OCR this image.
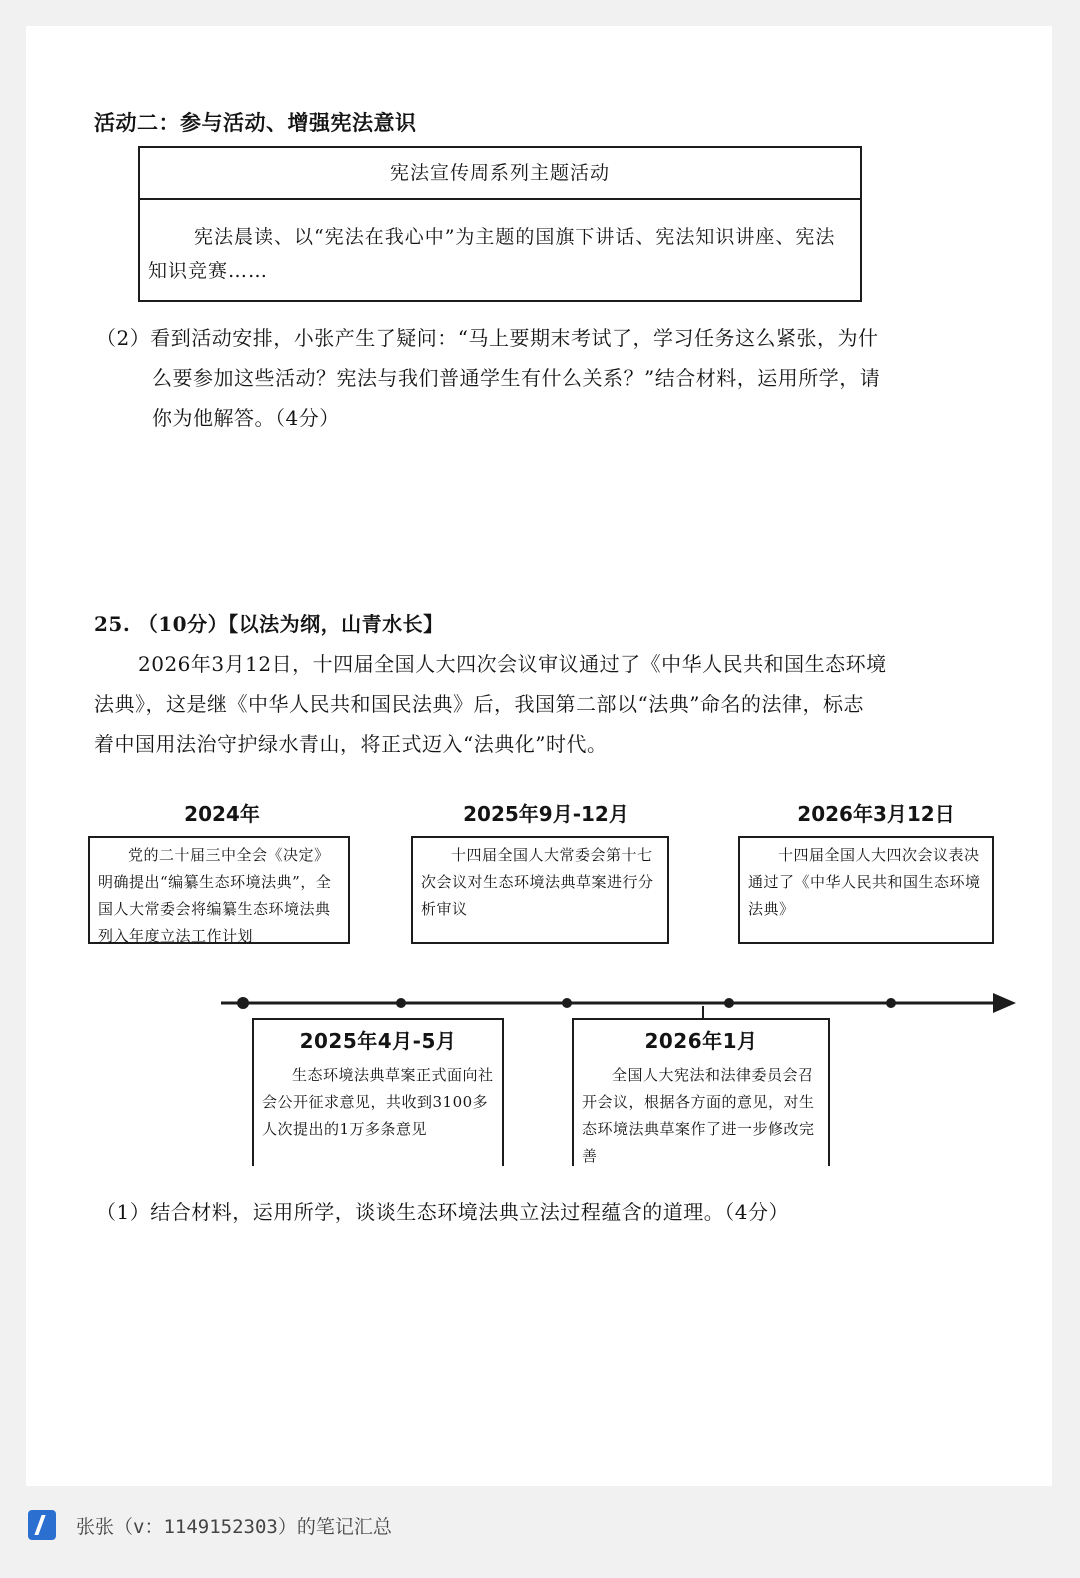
活动二：参与活动、增强宪法意识
宪法宣传周系列主题活动
宪法晨读、以“宪法在我心中”为主题的国旗下讲话、宪法知识讲座、宪法知识竞赛……
（2）看到活动安排，小张产生了疑问：“马上要期末考试了，学习任务这么紧张，为什
么要参加这些活动？宪法与我们普通学生有什么关系？”结合材料，运用所学，请
你为他解答。（4分）
25. （10分）【以法为纲，山青水长】
2026年3月12日，十四届全国人大四次会议审议通过了《中华人民共和国生态环境
法典》，这是继《中华人民共和国民法典》后，我国第二部以“法典”命名的法律，标志
着中国用法治守护绿水青山，将正式迈入“法典化”时代。
2024年
党的二十届三中全会《决定》明确提出“编纂生态环境法典”，全国人大常委会将编纂生态环境法典列入年度立法工作计划
2025年9月-12月
十四届全国人大常委会第十七次会议对生态环境法典草案进行分析审议
2026年3月12日
十四届全国人大四次会议表决通过了《中华人民共和国生态环境法典》
2025年4月-5月
生态环境法典草案正式面向社会公开征求意见，共收到3100多人次提出的1万多条意见
2026年1月
全国人大宪法和法律委员会召开会议，根据各方面的意见，对生态环境法典草案作了进一步修改完善
（1）结合材料，运用所学，谈谈生态环境法典立法过程蕴含的道理。（4分）
张张（v：1149152303）的笔记汇总
